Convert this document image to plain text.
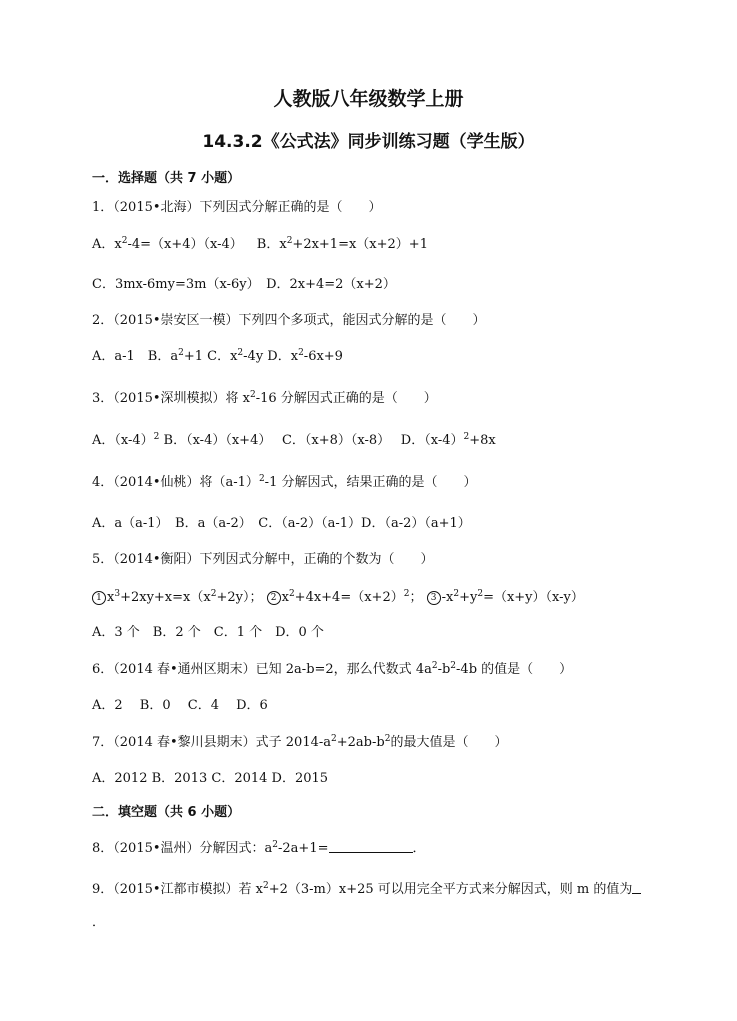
人教版八年级数学上册
14.3.2《公式法》同步训练习题（学生版）
一．选择题（共 7 小题）
1．（2015•北海）下列因式分解正确的是（　　）
A．$x^2-4=(x+4)(x-4)$ B．$x^2+2x+1=x(x+2)+1$
C．3mx-6my=3m（x-6y）　D．2x+4=2（x+2）
2．（2015•崇安区一模）下列四个多项式，能因式分解的是（　　）
A．a-1　B．$a^2+1$ C．$x^2-4y$ D．$x^2-6x+9$
3．（2015•深圳模拟）将 $x^2-16$ 分解因式正确的是（　　）
A．$(x-4)^2$ B．（x-4）（x+4）　 C．（x+8）（x-8）　 D．$(x-4)^2+8x$
4．（2014•仙桃）将$(a-1)^2-1$ 分解因式，结果正确的是（　　）
A．a（a-1）　B．a（a-2）　C．（a-2）（a-1）D．（a-2）（a+1）
5．（2014•衡阳）下列因式分解中，正确的个数为（　　）
1 $x^3+2xy+x=x(x^2+2y)$； 2 $x^2+4x+4=(x+2)^2$； 3 $-x^2+y^2=(x+y)(x-y)$
A．3 个　B．2 个　C．1 个　D．0 个
6．（2014 春•通州区期末）已知 2a-b=2，那么代数式 $4a^2-b^2-4b$ 的值是（　　）
A．2　 B．0　 C．4　 D．6
7．（2014 春•黎川县期末）式子 $2014-a^2+2ab-b^2$的最大值是（　　）
A．2012 B．2013 C．2014 D．2015
二．填空题（共 6 小题）
8．（2015•温州）分解因式：$a^2-2a+1=$	．
9．（2015•江都市模拟）若 $x^2+2(3-m)x+25$ 可以用完全平方式来分解因式，则 m 的值为
．
